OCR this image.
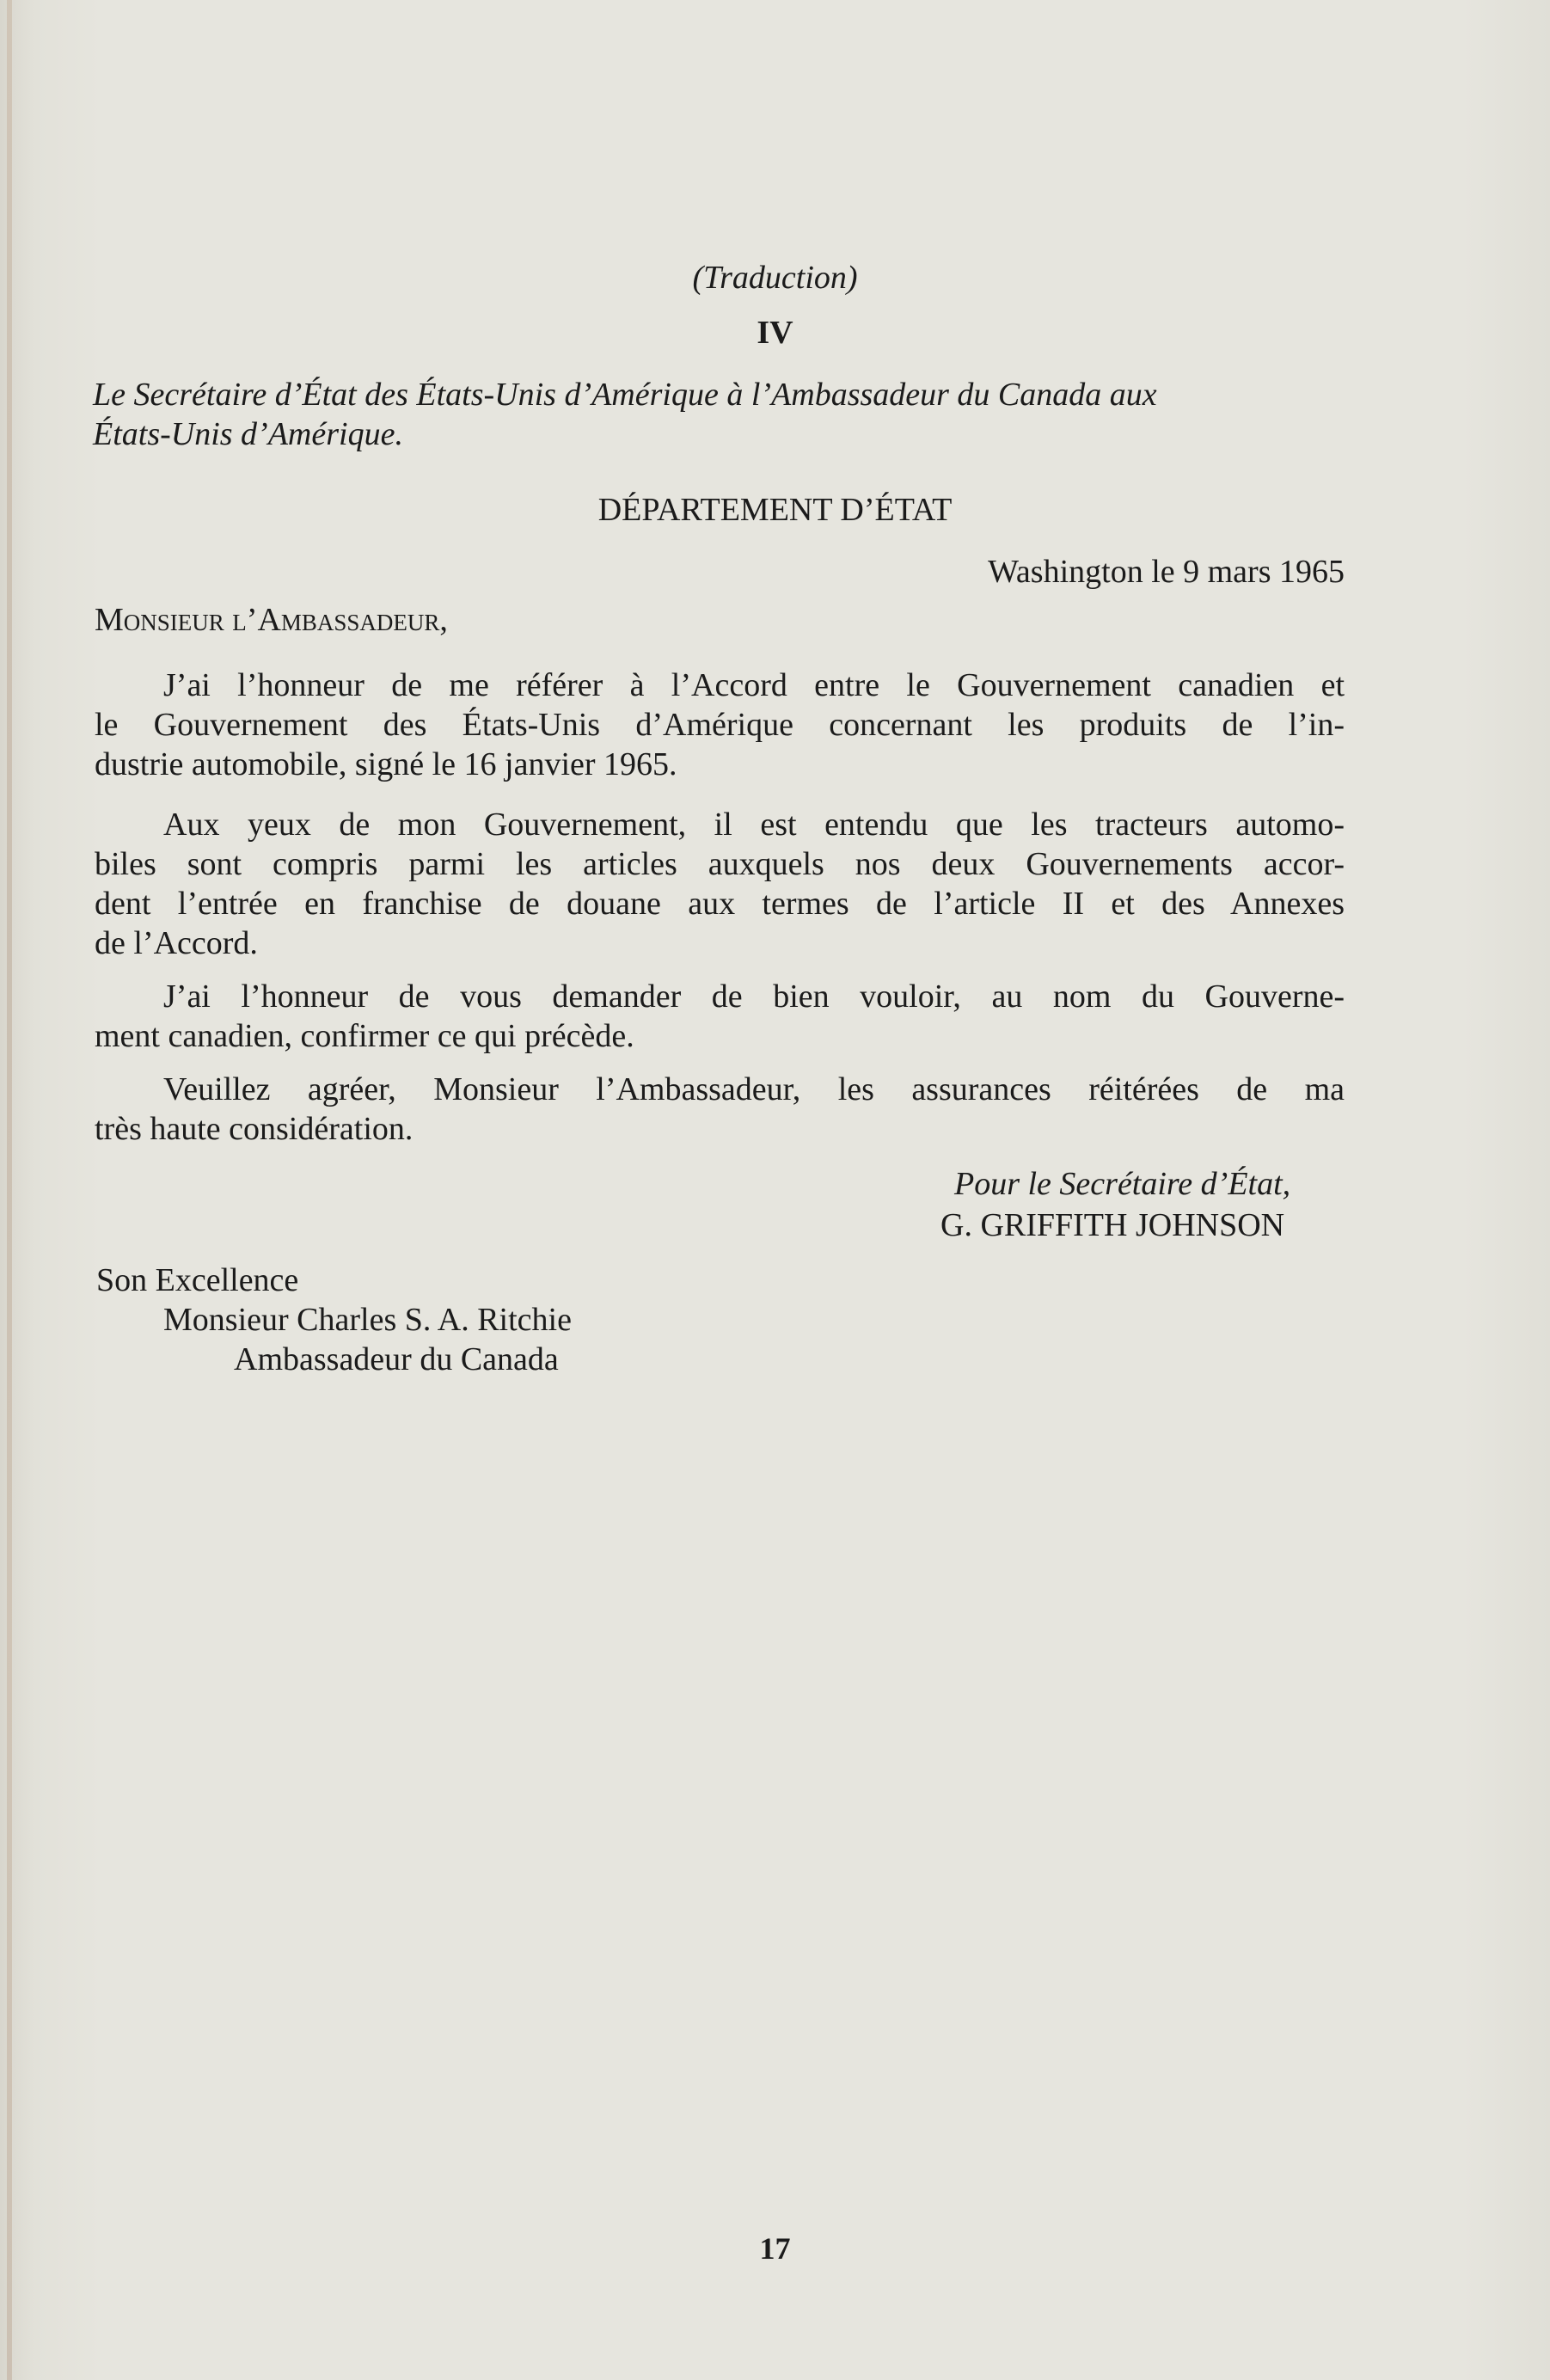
(Traduction)
IV
Le Secrétaire d’État des États-Unis d’Amérique à l’Ambassadeur du Canada aux
États-Unis d’Amérique.
DÉPARTEMENT D’ÉTAT
Washington le 9 mars 1965
Monsieur l’Ambassadeur,
J’ai l’honneur de me référer à l’Accord entre le Gouvernement canadien et
le Gouvernement des États-Unis d’Amérique concernant les produits de l’in-
dustrie automobile, signé le 16 janvier 1965.
Aux yeux de mon Gouvernement, il est entendu que les tracteurs automo-
biles sont compris parmi les articles auxquels nos deux Gouvernements accor-
dent l’entrée en franchise de douane aux termes de l’article II et des Annexes
de l’Accord.
J’ai l’honneur de vous demander de bien vouloir, au nom du Gouverne-
ment canadien, confirmer ce qui précède.
Veuillez agréer, Monsieur l’Ambassadeur, les assurances réitérées de ma
très haute considération.
Pour le Secrétaire d’État,
G. GRIFFITH JOHNSON
Son Excellence
Monsieur Charles S. A. Ritchie
Ambassadeur du Canada
17
